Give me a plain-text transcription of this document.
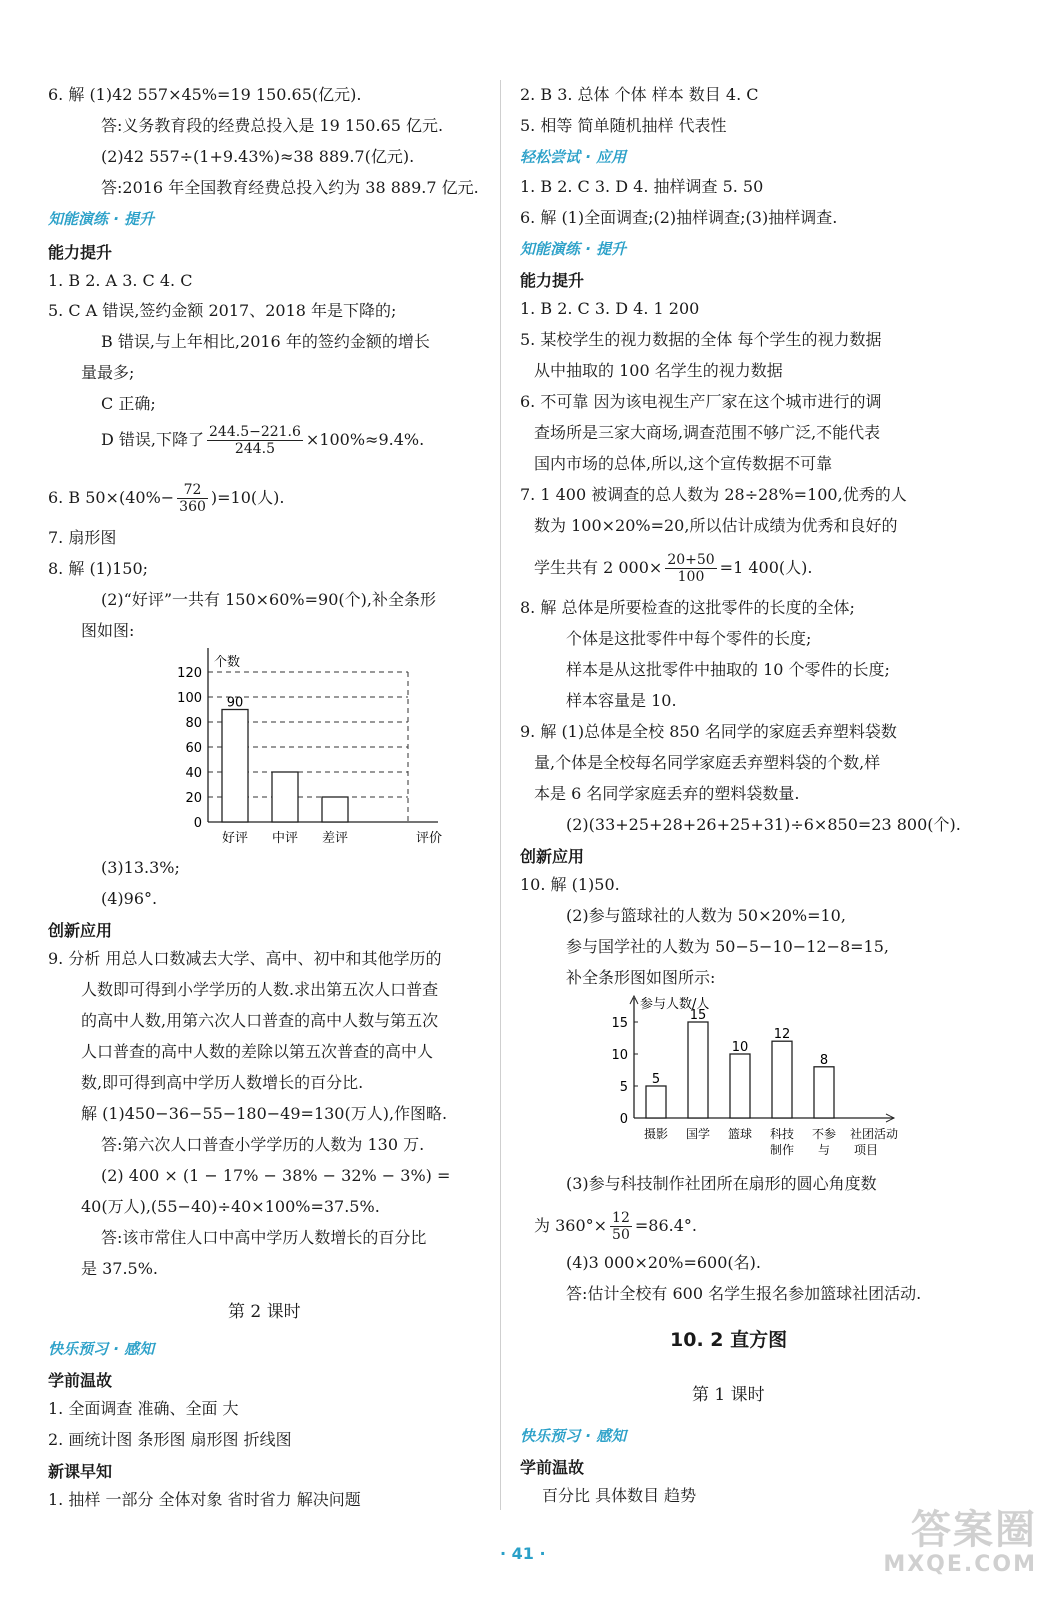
6. 解 (1)42 557×45%=19 150.65(亿元).
答:义务教育段的经费总投入是 19 150.65 亿元.
(2)42 557÷(1+9.43%)≈38 889.7(亿元).
答:2016 年全国教育经费总投入约为 38 889.7 亿元.
知能演练 · 提升
能力提升
1. B 2. A 3. C 4. C
5. C A 错误,签约金额 2017、2018 年是下降的;
B 错误,与上年相比,2016 年的签约金额的增长
量最多;
C 正确;
D 错误,下降了 $\frac{244.5-221.6}{244.5} \times 100\%\approx 9.4\%$.
6. B $50\times(40\%- \frac{72}{360} )=10$(人).
7. 扇形图
8. 解 (1)150;
(2)“好评”一共有 150×60%=90(个),补全条形
图如图:
0
20
40
60
80
100
120
个数
评价
好评
90
中评 差评
(3)13.3%;
(4)96°.
创新应用
9. 分析 用总人口数减去大学、高中、初中和其他学历的
人数即可得到小学学历的人数.求出第五次人口普查
的高中人数,用第六次人口普查的高中人数与第五次
人口普查的高中人数的差除以第五次普查的高中人
数,即可得到高中学历人数增长的百分比.
解 (1)450−36−55−180−49=130(万人),作图略.
答:第六次人口普查小学学历的人数为 130 万.
(2) 400 × (1 − 17% − 38% − 32% − 3%) =
40(万人),(55−40)÷40×100%=37.5%.
答:该市常住人口中高中学历人数增长的百分比
是 37.5%.
第 2 课时
快乐预习 · 感知
学前温故
1. 全面调查 准确、全面 大
2. 画统计图 条形图 扇形图 折线图
新课早知
1. 抽样 一部分 全体对象 省时省力 解决问题
2. B 3. 总体 个体 样本 数目 4. C
5. 相等 简单随机抽样 代表性
轻松尝试 · 应用
1. B 2. C 3. D 4. 抽样调查 5. 50
6. 解 (1)全面调查;(2)抽样调查;(3)抽样调查.
知能演练 · 提升
能力提升
1. B 2. C 3. D 4. 1 200
5. 某校学生的视力数据的全体 每个学生的视力数据
从中抽取的 100 名学生的视力数据
6. 不可靠 因为该电视生产厂家在这个城市进行的调
查场所是三家大商场,调查范围不够广泛,不能代表
国内市场的总体,所以,这个宣传数据不可靠
7. 1 400 被调查的总人数为 28÷28%=100,优秀的人
数为 100×20%=20,所以估计成绩为优秀和良好的
学生共有 2 $000\times \frac{20+50}{100} =1$ 400(人).
8. 解 总体是所要检查的这批零件的长度的全体;
个体是这批零件中每个零件的长度;
样本是从这批零件中抽取的 10 个零件的长度;
样本容量是 10.
9. 解 (1)总体是全校 850 名同学的家庭丢弃塑料袋数
量,个体是全校每名同学家庭丢弃塑料袋的个数,样
本是 6 名同学家庭丢弃的塑料袋数量.
(2)(33+25+28+26+25+31)÷6×850=23 800(个).
创新应用
10. 解 (1)50.
(2)参与篮球社的人数为 50×20%=10,
参与国学社的人数为 50−5−10−12−8=15,
补全条形图如图所示:
0
5
10
15
参与人数/人
社团活动
项目
5
摄影
15
国学
10
篮球
12
科技
制作
8
不参
与
(3)参与科技制作社团所在扇形的圆心角度数
为 $360^\circ\times \frac{12}{50} =86.4^\circ$.
(4)3 000×20%=600(名).
答:估计全校有 600 名学生报名参加篮球社团活动.
10. 2 直方图
第 1 课时
快乐预习 · 感知
学前温故
百分比 具体数目 趋势
· 41 ·
答案圈
MXQE.COM
